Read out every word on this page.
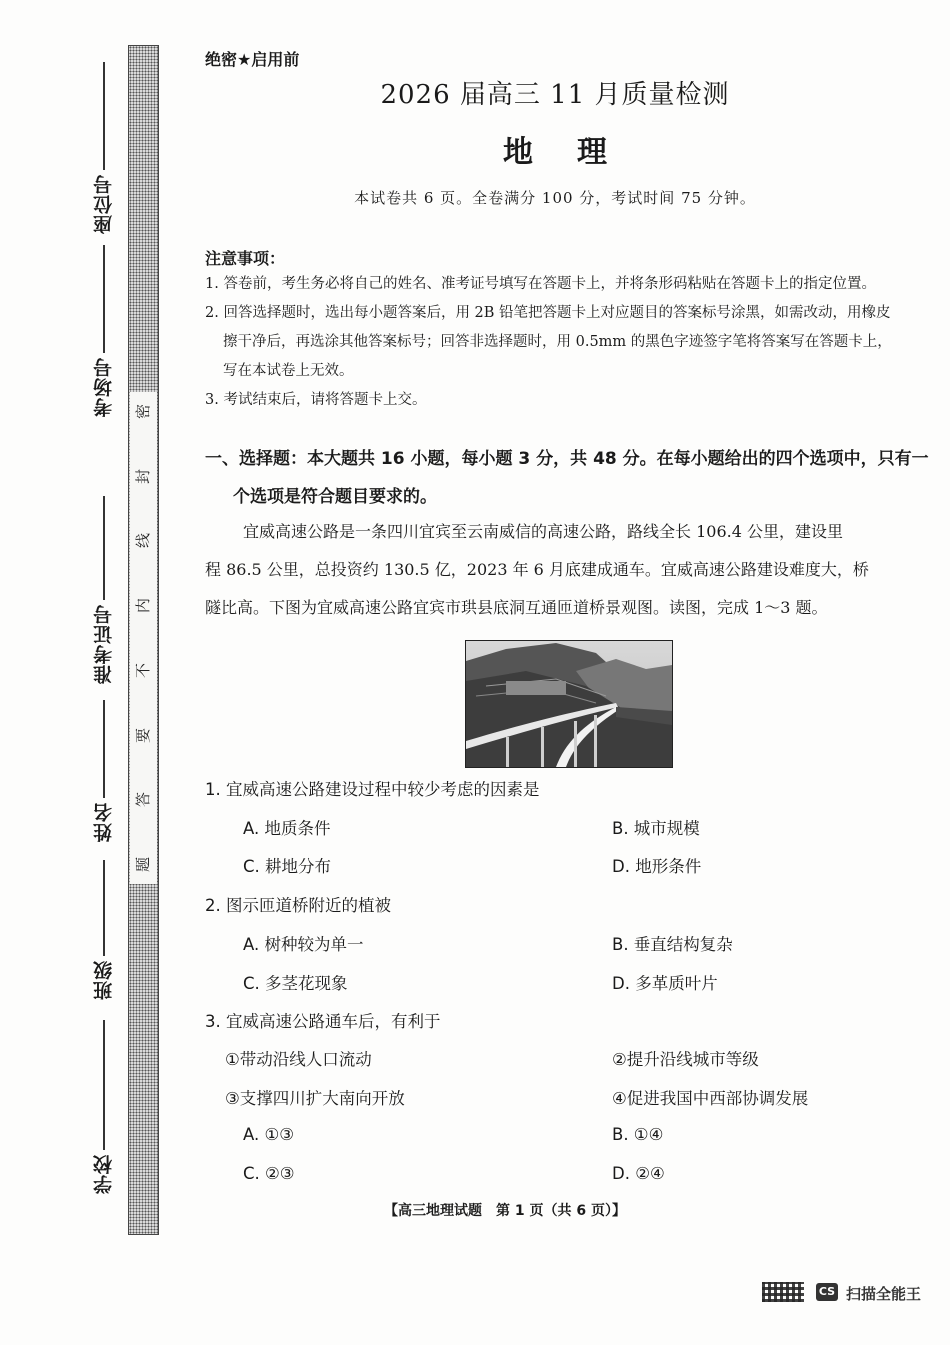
座位号
考场号
准考证号
姓名
班级
学校
密
封
线
内
不
要
答
题
绝密★启用前
2026 届高三 11 月质量检测
地理
本试卷共 6 页。全卷满分 100 分，考试时间 75 分钟。
注意事项：
1. 答卷前，考生务必将自己的姓名、准考证号填写在答题卡上，并将条形码粘贴在答题卡上的指定位置。
2. 回答选择题时，选出每小题答案后，用 2B 铅笔把答题卡上对应题目的答案标号涂黑，如需改动，用橡皮
擦干净后，再选涂其他答案标号；回答非选择题时，用 0.5mm 的黑色字迹签字笔将答案写在答题卡上，
写在本试卷上无效。
3. 考试结束后，请将答题卡上交。
一、选择题：本大题共 16 小题，每小题 3 分，共 48 分。在每小题给出的四个选项中，只有一
个选项是符合题目要求的。
宜威高速公路是一条四川宜宾至云南威信的高速公路，路线全长 106.4 公里，建设里
程 86.5 公里，总投资约 130.5 亿，2023 年 6 月底建成通车。宜威高速公路建设难度大，桥
隧比高。下图为宜威高速公路宜宾市珙县底洞互通匝道桥景观图。读图，完成 1～3 题。
1. 宜威高速公路建设过程中较少考虑的因素是
A. 地质条件	B. 城市规模
C. 耕地分布	D. 地形条件
2. 图示匝道桥附近的植被
A. 树种较为单一	B. 垂直结构复杂
C. 多茎花现象	D. 多革质叶片
3. 宜威高速公路通车后，有利于
①带动沿线人口流动	②提升沿线城市等级
③支撑四川扩大南向开放	④促进我国中西部协调发展
A. ①③	B. ①④
C. ②③	D. ②④
【高三地理试题　第 1 页（共 6 页）】
CS 扫描全能王
